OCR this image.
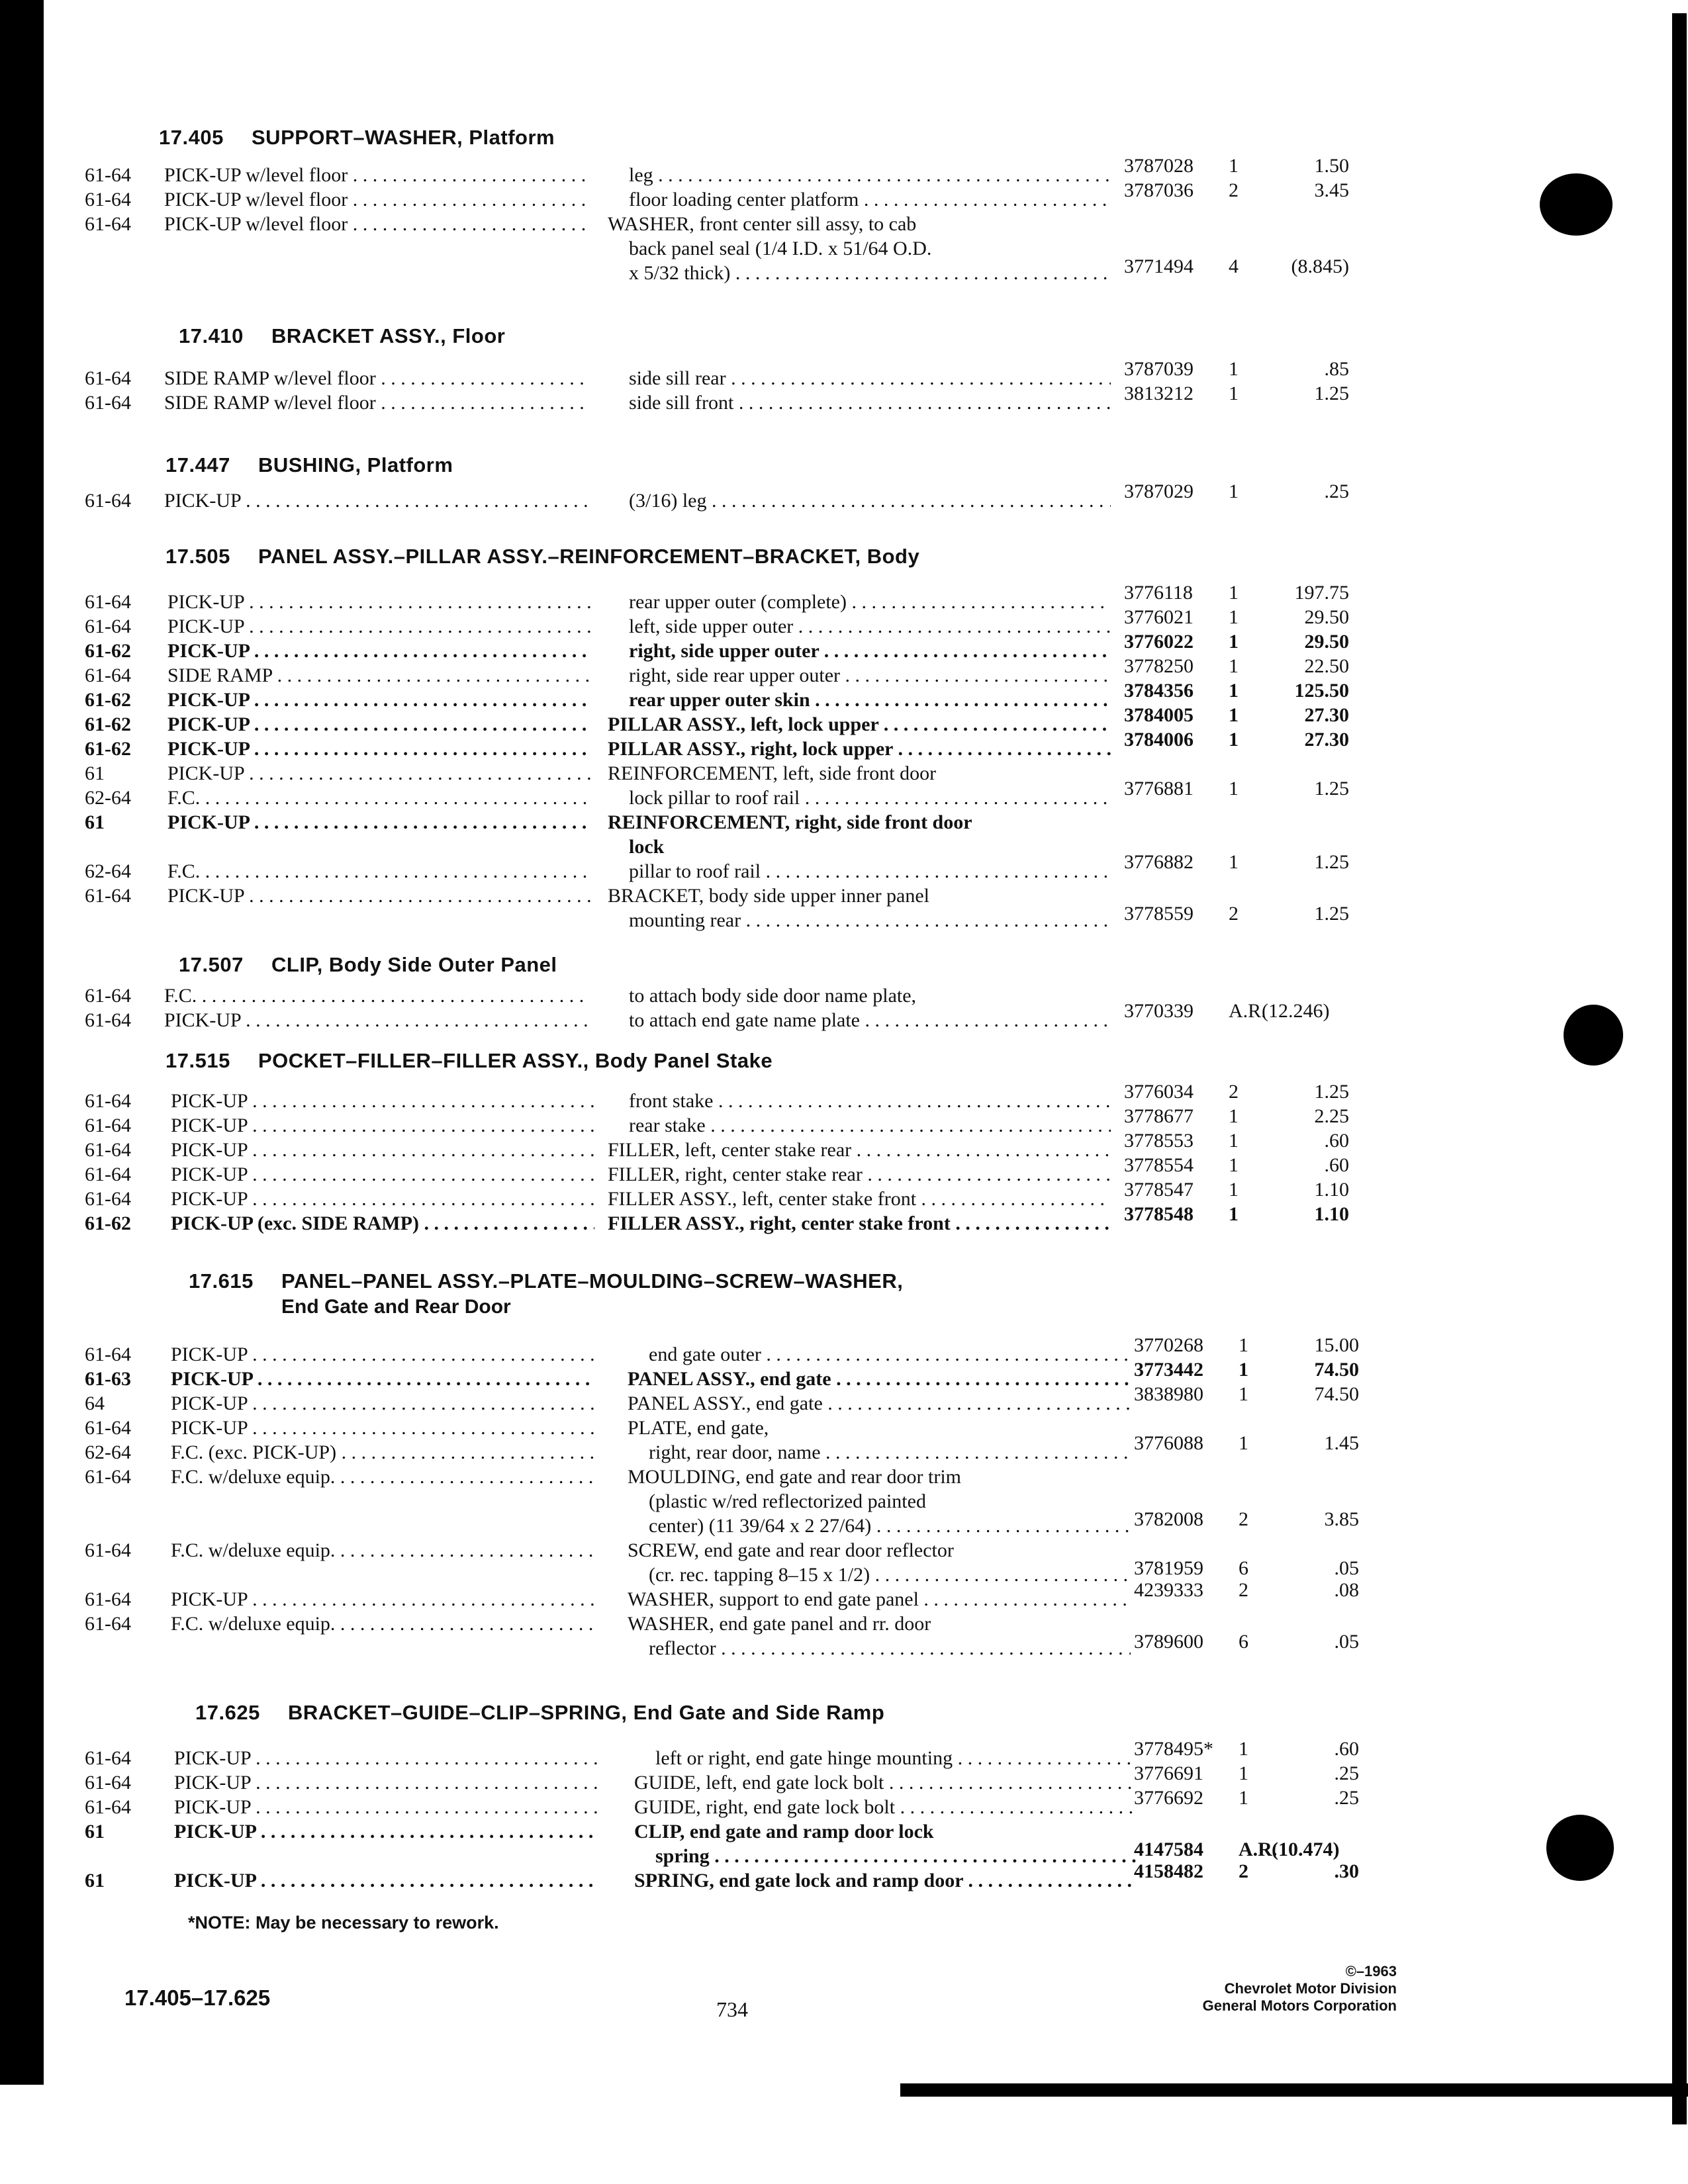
17.405 SUPPORT–WASHER, Platform
61-64 PICK-UP w/level floor . . .	leg . . .	3787028 1	1.50
61-64 PICK-UP w/level floor . . .	floor loading center platform . . .	3787036 2	3.45
61-64 PICK-UP w/level floor . . .	WASHER, front center sill assy, to cab
back panel seal (1/4 I.D. x 51/64 O.D.
x 5/32 thick) . . .	3771494 4	(8.845)
17.410 BRACKET ASSY., Floor
61-64 SIDE RAMP w/level floor . . .	side sill rear . . .	3787039 1	.85
61-64 SIDE RAMP w/level floor . . .	side sill front . . .	3813212 1	1.25
17.447 BUSHING, Platform
61-64 PICK-UP . . .	(3/16) leg . . .	3787029 1	.25
17.505 PANEL ASSY.–PILLAR ASSY.–REINFORCEMENT–BRACKET, Body
61-64 PICK-UP . . .	rear upper outer (complete) . . .	3776118 1	197.75
61-64 PICK-UP . . .	left, side upper outer . . .	3776021 1	29.50
61-62 PICK-UP . . .	right, side upper outer . . .	3776022 1	29.50
61-64 SIDE RAMP . . .	right, side rear upper outer . . .	3778250 1	22.50
61-62 PICK-UP . . .	rear upper outer skin . . .	3784356 1	125.50
61-62 PICK-UP . . .	PILLAR ASSY., left, lock upper . . .	3784005 1	27.30
61-62 PICK-UP . . .	PILLAR ASSY., right, lock upper . . .	3784006 1	27.30
61	PICK-UP . . .	REINFORCEMENT, left, side front door
62-64 F.C. . . .	lock pillar to roof rail . . .	3776881 1	1.25
61	PICK-UP . . .	REINFORCEMENT, right, side front door
lock
62-64 F.C. . . .	pillar to roof rail . . .	3776882 1	1.25
61-64 PICK-UP . . .	BRACKET, body side upper inner panel
mounting rear . . .	3778559 2	1.25
17.507 CLIP, Body Side Outer Panel
61-64 F.C. . . .	to attach body side door name plate,
61-64 PICK-UP . . .	to attach end gate name plate . . .	3770339 A.R.
(12.246)
17.515 POCKET–FILLER–FILLER ASSY., Body Panel Stake
61-64 PICK-UP . . .	front stake . . .	3776034 2	1.25
61-64 PICK-UP . . .	rear stake . . .	3778677 1	2.25
61-64 PICK-UP . . .	FILLER, left, center stake rear . . .	3778553 1	.60
61-64 PICK-UP . . .	FILLER, right, center stake rear . . .	3778554 1	.60
61-64 PICK-UP . . .	FILLER ASSY., left, center stake front . . .	3778547 1	1.10
61-62 PICK-UP (exc. SIDE RAMP) . . .	FILLER ASSY., right, center stake front . . .	3778548 1	1.10
17.615 PANEL–PANEL ASSY.–PLATE–MOULDING–SCREW–WASHER,
End Gate and Rear Door
61-64 PICK-UP . . .	end gate outer . . .	3770268 1	15.00
61-63 PICK-UP . . .	PANEL ASSY., end gate . . .	3773442 1	74.50
64	PICK-UP . . .	PANEL ASSY., end gate . . .	3838980 1	74.50
61-64 PICK-UP . . .	PLATE, end gate,
62-64 F.C. (exc. PICK-UP) . . .	right, rear door, name . . .	3776088 1	1.45
61-64 F.C. w/deluxe equip. . . .	MOULDING, end gate and rear door trim
(plastic w/red reflectorized painted
center) (11 39/64 x 2 27/64) . . .	3782008 2	3.85
61-64 F.C. w/deluxe equip. . . .	SCREW, end gate and rear door reflector
(cr. rec. tapping 8–15 x 1/2) . . .	3781959 6	.05
61-64 PICK-UP . . .	WASHER, support to end gate panel . . .	4239333 2	.08
61-64 F.C. w/deluxe equip. . . .	WASHER, end gate panel and rr. door
reflector . . .	3789600 6	.05
17.625 BRACKET–GUIDE–CLIP–SPRING, End Gate and Side Ramp
61-64 PICK-UP . . .	left or right, end gate hinge mounting . . .	3778495* 1	.60
61-64 PICK-UP . . .	GUIDE, left, end gate lock bolt . . .	3776691 1	.25
61-64 PICK-UP . . .	GUIDE, right, end gate lock bolt . . .	3776692 1	.25
61	PICK-UP . . .	CLIP, end gate and ramp door lock
spring . . .	4147584 A.R.
(10.474)
61	PICK-UP . . .	SPRING, end gate lock and ramp door . . .	4158482 2	.30
*NOTE: May be necessary to rework.
17.405–17.625	734
©–1963
Chevrolet Motor Division
General Motors Corporation
